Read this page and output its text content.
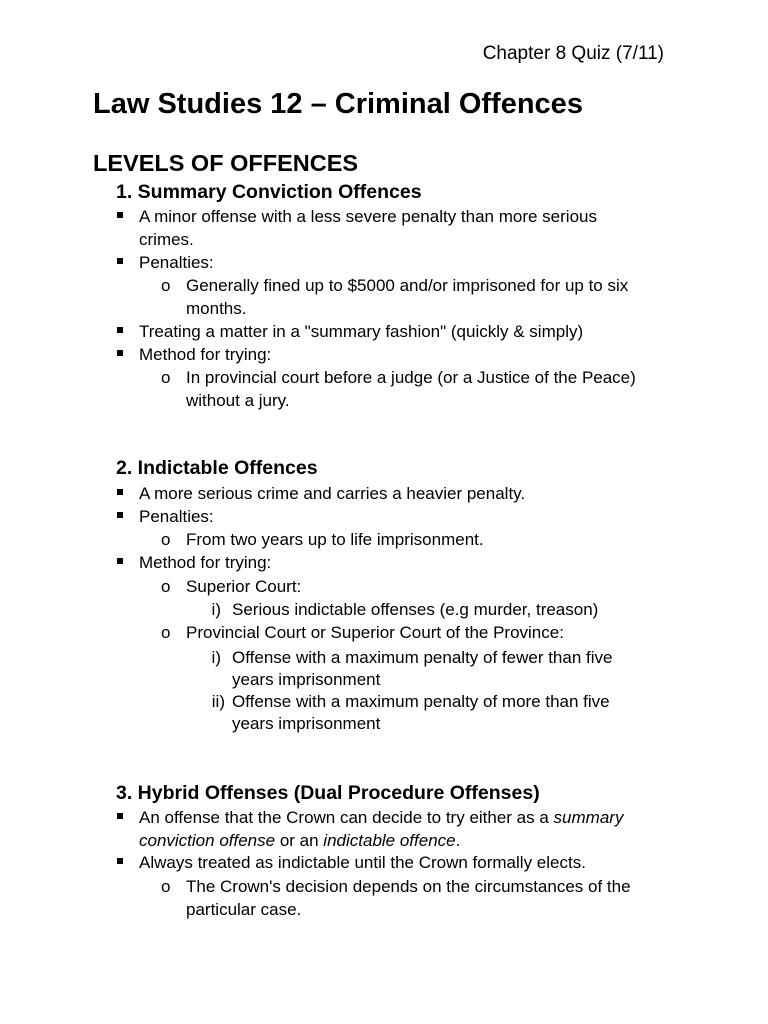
Chapter 8 Quiz (7/11)
Law Studies 12 – Criminal Offences
LEVELS OF OFFENCES
1. Summary Conviction Offences
A minor offense with a less severe penalty than more serious
crimes.
Penalties:
o Generally fined up to $5000 and/or imprisoned for up to six
months.
Treating a matter in a "summary fashion" (quickly & simply)
Method for trying:
o In provincial court before a judge (or a Justice of the Peace)
without a jury.
2. Indictable Offences
A more serious crime and carries a heavier penalty.
Penalties:
o From two years up to life imprisonment.
Method for trying:
o Superior Court:
i) Serious indictable offenses (e.g murder, treason)
o Provincial Court or Superior Court of the Province:
i) Offense with a maximum penalty of fewer than five
years imprisonment
ii) Offense with a maximum penalty of more than five
years imprisonment
3. Hybrid Offenses (Dual Procedure Offenses)
An offense that the Crown can decide to try either as a summary
conviction offense or an indictable offence.
Always treated as indictable until the Crown formally elects.
o The Crown's decision depends on the circumstances of the
particular case.
